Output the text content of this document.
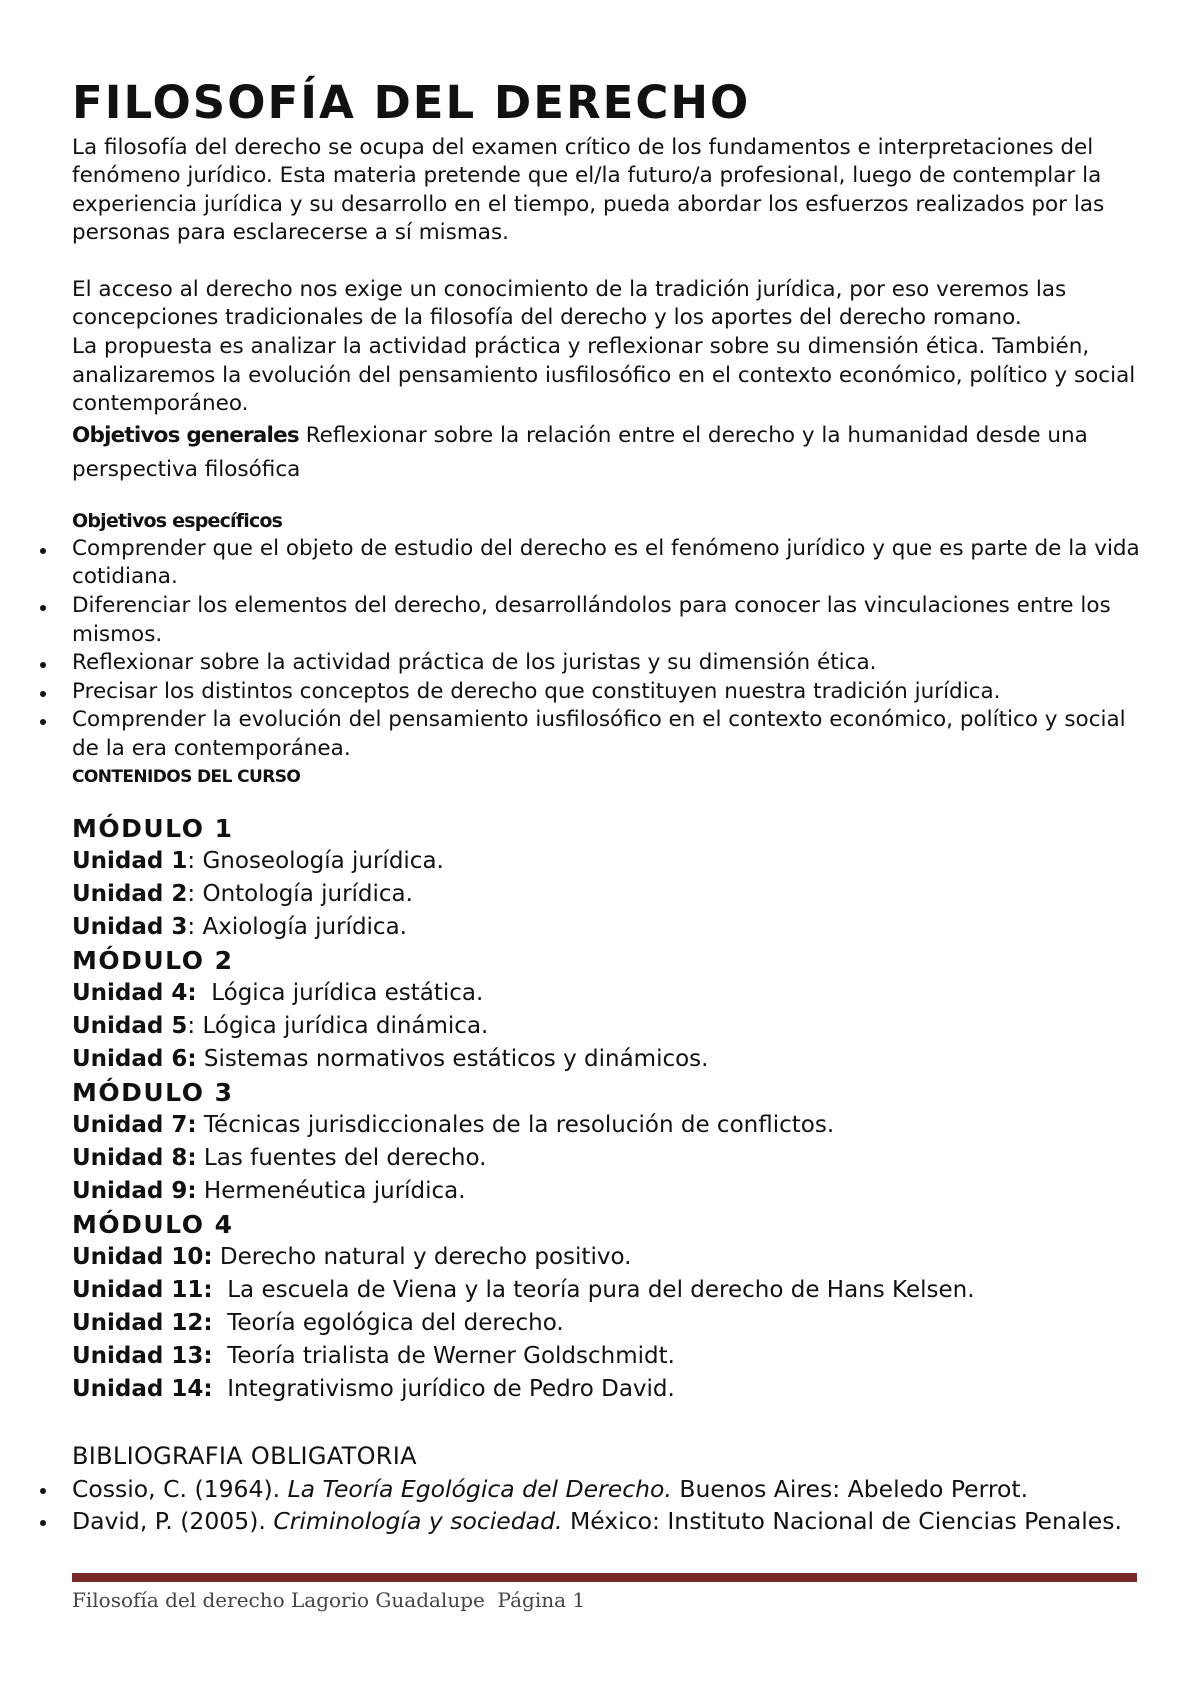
FILOSOFÍA DEL DERECHO

La filosofía del derecho se ocupa del examen crítico de los fundamentos e interpretaciones del fenómeno jurídico. Esta materia pretende que el/la futuro/a profesional, luego de contemplar la experiencia jurídica y su desarrollo en el tiempo, pueda abordar los esfuerzos realizados por las personas para esclarecerse a sí mismas.

El acceso al derecho nos exige un conocimiento de la tradición jurídica, por eso veremos las concepciones tradicionales de la filosofía del derecho y los aportes del derecho romano.

La propuesta es analizar la actividad práctica y reflexionar sobre su dimensión ética. También, analizaremos la evolución del pensamiento iusfilosófico en el contexto económico, político y social contemporáneo.

Objetivos generales Reflexionar sobre la relación entre el derecho y la humanidad desde una perspectiva filosófica

Objetivos específicos
Comprender que el objeto de estudio del derecho es el fenómeno jurídico y que es parte de la vida cotidiana.
Diferenciar los elementos del derecho, desarrollándolos para conocer las vinculaciones entre los mismos.
Reflexionar sobre la actividad práctica de los juristas y su dimensión ética.
Precisar los distintos conceptos de derecho que constituyen nuestra tradición jurídica.
Comprender la evolución del pensamiento iusfilosófico en el contexto económico, político y social de la era contemporánea.
CONTENIDOS DEL CURSO
MÓDULO 1
Unidad 1: Gnoseología jurídica.
Unidad 2: Ontología jurídica.
Unidad 3: Axiología jurídica.
MÓDULO 2
Unidad 4: Lógica jurídica estática.
Unidad 5: Lógica jurídica dinámica.
Unidad 6: Sistemas normativos estáticos y dinámicos.
MÓDULO 3
Unidad 7: Técnicas jurisdiccionales de la resolución de conflictos.
Unidad 8: Las fuentes del derecho.
Unidad 9: Hermenéutica jurídica.
MÓDULO 4
Unidad 10: Derecho natural y derecho positivo.
Unidad 11: La escuela de Viena y la teoría pura del derecho de Hans Kelsen.
Unidad 12: Teoría egológica del derecho.
Unidad 13: Teoría trialista de Werner Goldschmidt.
Unidad 14: Integrativismo jurídico de Pedro David.
BIBLIOGRAFIA OBLIGATORIA
Cossio, C. (1964). La Teoría Egológica del Derecho. Buenos Aires: Abeledo Perrot.
David, P. (2005). Criminología y sociedad. México: Instituto Nacional de Ciencias Penales.
Filosofía del derecho Lagorio Guadalupe  Página 1
